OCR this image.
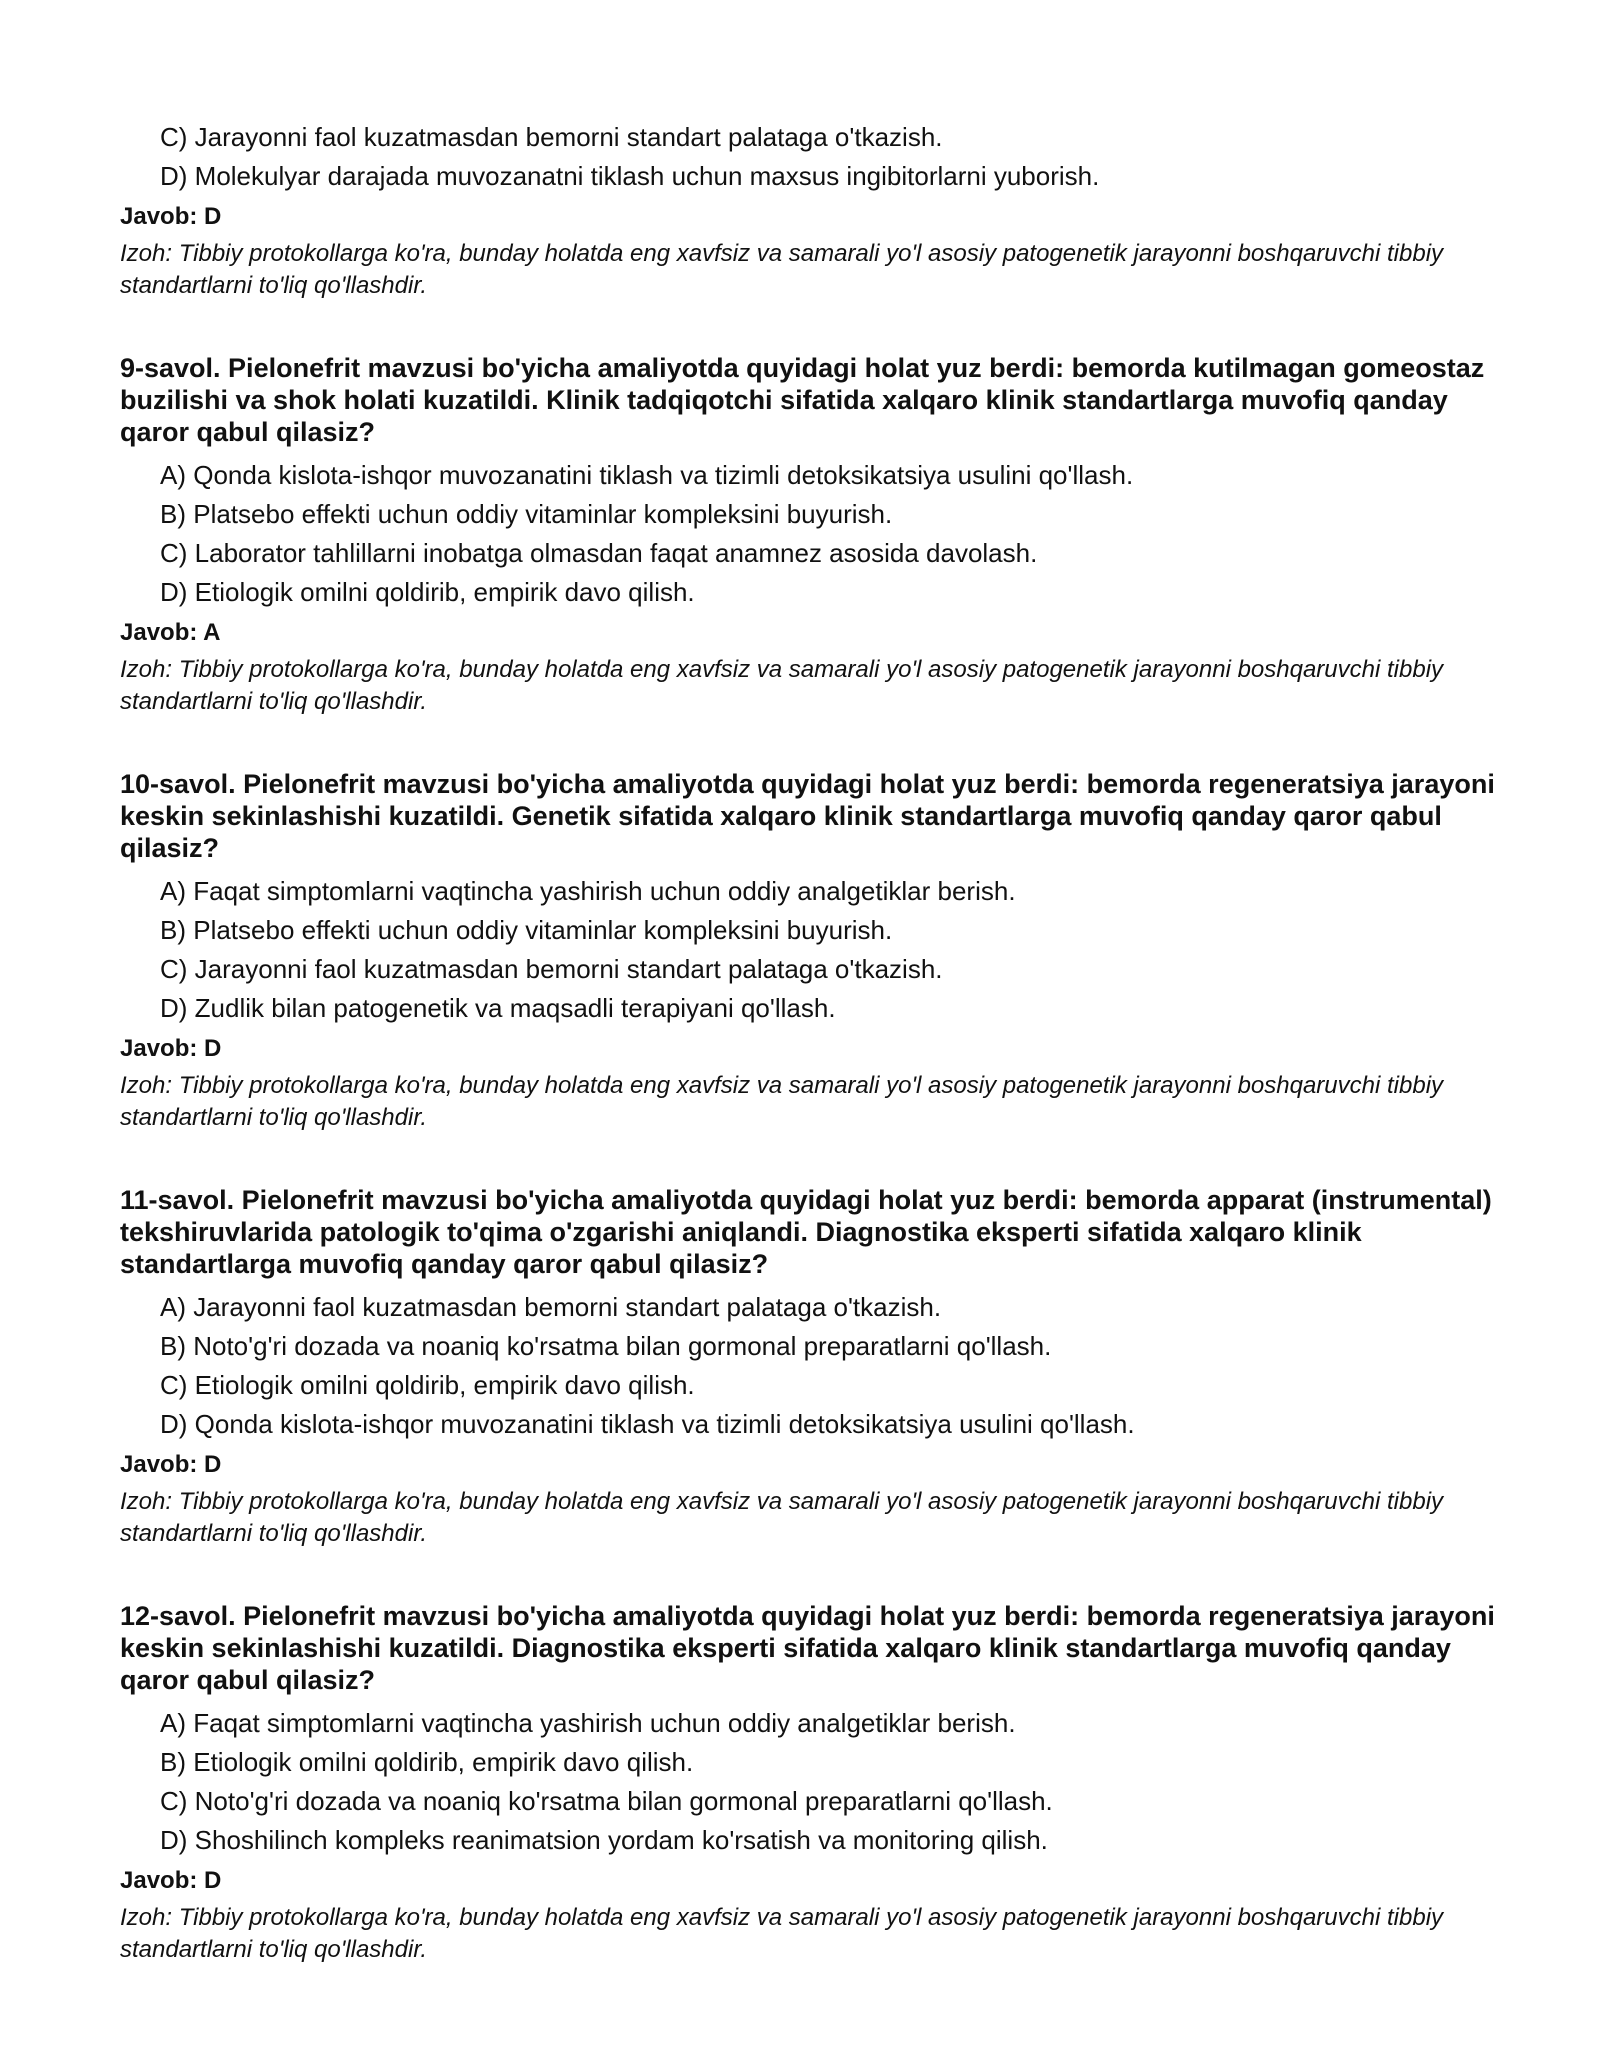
C) Jarayonni faol kuzatmasdan bemorni standart palataga o'tkazish.
D) Molekulyar darajada muvozanatni tiklash uchun maxsus ingibitorlarni yuborish.
Javob: D
Izoh: Tibbiy protokollarga ko'ra, bunday holatda eng xavfsiz va samarali yo'l asosiy patogenetik jarayonni boshqaruvchi tibbiy standartlarni to'liq qo'llashdir.
9-savol. Pielonefrit mavzusi bo'yicha amaliyotda quyidagi holat yuz berdi: bemorda kutilmagan gomeostaz buzilishi va shok holati kuzatildi. Klinik tadqiqotchi sifatida xalqaro klinik standartlarga muvofiq qanday qaror qabul qilasiz?
A) Qonda kislota-ishqor muvozanatini tiklash va tizimli detoksikatsiya usulini qo'llash.
B) Platsebo effekti uchun oddiy vitaminlar kompleksini buyurish.
C) Laborator tahlillarni inobatga olmasdan faqat anamnez asosida davolash.
D) Etiologik omilni qoldirib, empirik davo qilish.
Javob: A
Izoh: Tibbiy protokollarga ko'ra, bunday holatda eng xavfsiz va samarali yo'l asosiy patogenetik jarayonni boshqaruvchi tibbiy standartlarni to'liq qo'llashdir.
10-savol. Pielonefrit mavzusi bo'yicha amaliyotda quyidagi holat yuz berdi: bemorda regeneratsiya jarayoni keskin sekinlashishi kuzatildi. Genetik sifatida xalqaro klinik standartlarga muvofiq qanday qaror qabul qilasiz?
A) Faqat simptomlarni vaqtincha yashirish uchun oddiy analgetiklar berish.
B) Platsebo effekti uchun oddiy vitaminlar kompleksini buyurish.
C) Jarayonni faol kuzatmasdan bemorni standart palataga o'tkazish.
D) Zudlik bilan patogenetik va maqsadli terapiyani qo'llash.
Javob: D
Izoh: Tibbiy protokollarga ko'ra, bunday holatda eng xavfsiz va samarali yo'l asosiy patogenetik jarayonni boshqaruvchi tibbiy standartlarni to'liq qo'llashdir.
11-savol. Pielonefrit mavzusi bo'yicha amaliyotda quyidagi holat yuz berdi: bemorda apparat (instrumental) tekshiruvlarida patologik to'qima o'zgarishi aniqlandi. Diagnostika eksperti sifatida xalqaro klinik standartlarga muvofiq qanday qaror qabul qilasiz?
A) Jarayonni faol kuzatmasdan bemorni standart palataga o'tkazish.
B) Noto'g'ri dozada va noaniq ko'rsatma bilan gormonal preparatlarni qo'llash.
C) Etiologik omilni qoldirib, empirik davo qilish.
D) Qonda kislota-ishqor muvozanatini tiklash va tizimli detoksikatsiya usulini qo'llash.
Javob: D
Izoh: Tibbiy protokollarga ko'ra, bunday holatda eng xavfsiz va samarali yo'l asosiy patogenetik jarayonni boshqaruvchi tibbiy standartlarni to'liq qo'llashdir.
12-savol. Pielonefrit mavzusi bo'yicha amaliyotda quyidagi holat yuz berdi: bemorda regeneratsiya jarayoni keskin sekinlashishi kuzatildi. Diagnostika eksperti sifatida xalqaro klinik standartlarga muvofiq qanday qaror qabul qilasiz?
A) Faqat simptomlarni vaqtincha yashirish uchun oddiy analgetiklar berish.
B) Etiologik omilni qoldirib, empirik davo qilish.
C) Noto'g'ri dozada va noaniq ko'rsatma bilan gormonal preparatlarni qo'llash.
D) Shoshilinch kompleks reanimatsion yordam ko'rsatish va monitoring qilish.
Javob: D
Izoh: Tibbiy protokollarga ko'ra, bunday holatda eng xavfsiz va samarali yo'l asosiy patogenetik jarayonni boshqaruvchi tibbiy standartlarni to'liq qo'llashdir.
